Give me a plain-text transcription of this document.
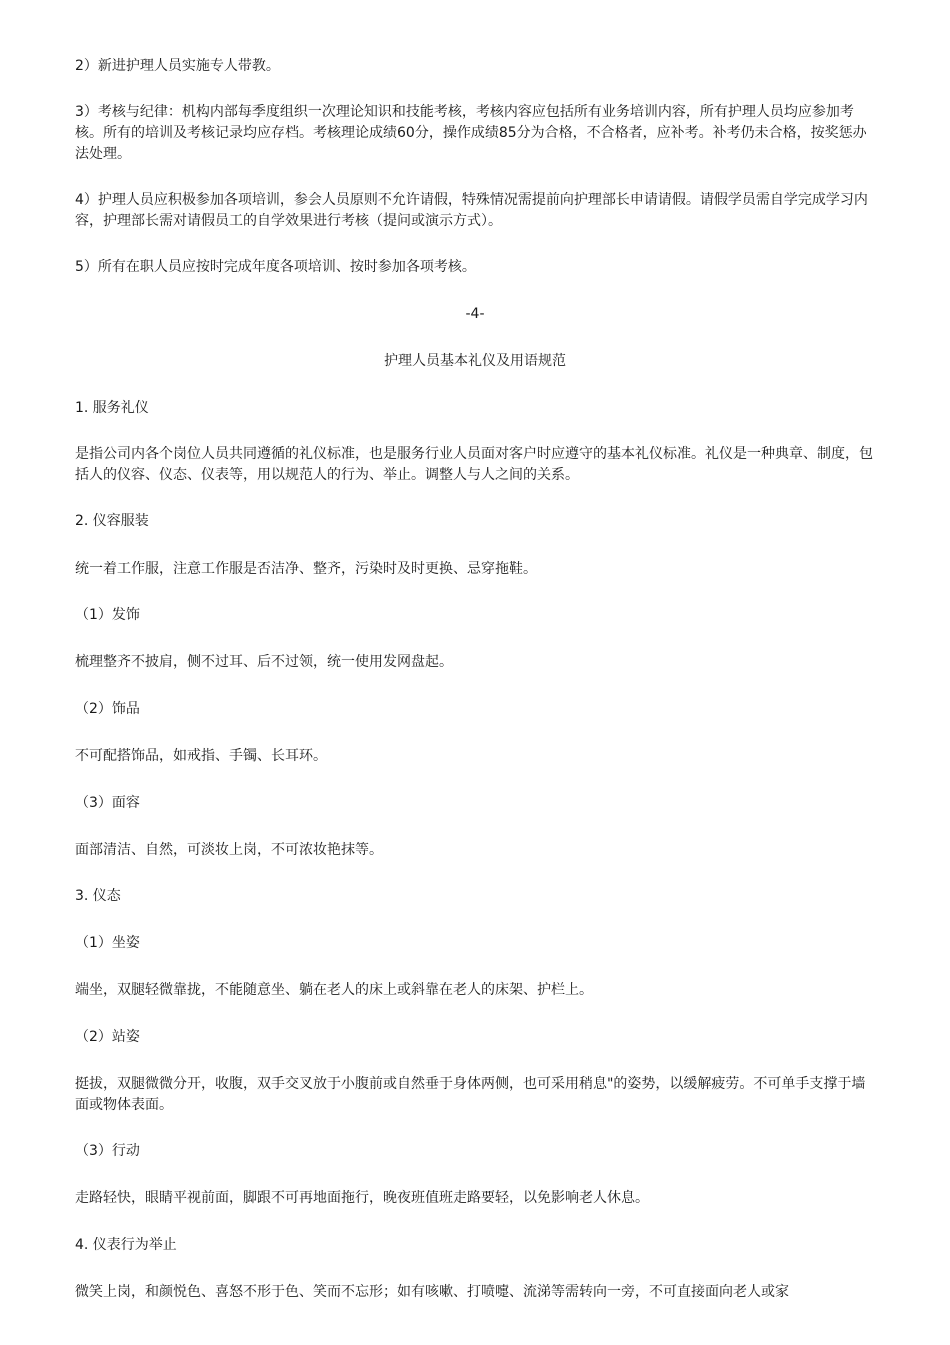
2）新进护理人员实施专人带教。

3）考核与纪律：机构内部每季度组织一次理论知识和技能考核，考核内容应包括所有业务培训内容，所有护理人员均应参加考核。所有的培训及考核记录均应存档。考核理论成绩60分，操作成绩85分为合格，不合格者，应补考。补考仍未合格，按奖惩办法处理。

4）护理人员应积极参加各项培训，参会人员原则不允许请假，特殊情况需提前向护理部长申请请假。请假学员需自学完成学习内容，护理部长需对请假员工的自学效果进行考核（提问或演示方式）。

5）所有在职人员应按时完成年度各项培训、按时参加各项考核。

-4-

护理人员基本礼仪及用语规范

1. 服务礼仪

是指公司内各个岗位人员共同遵循的礼仪标准，也是服务行业人员面对客户时应遵守的基本礼仪标准。礼仪是一种典章、制度，包括人的仪容、仪态、仪表等，用以规范人的行为、举止。调整人与人之间的关系。

2. 仪容服装

统一着工作服，注意工作服是否洁净、整齐，污染时及时更换、忌穿拖鞋。

（1）发饰

梳理整齐不披肩，侧不过耳、后不过领，统一使用发网盘起。

（2）饰品

不可配搭饰品，如戒指、手镯、长耳环。

（3）面容

面部清洁、自然，可淡妆上岗，不可浓妆艳抹等。

3. 仪态

（1）坐姿

端坐，双腿轻微靠拢，不能随意坐、躺在老人的床上或斜靠在老人的床架、护栏上。

（2）站姿

挺拔，双腿微微分开，收腹，双手交叉放于小腹前或自然垂于身体两侧，也可采用稍息"的姿势，以缓解疲劳。不可单手支撑于墙面或物体表面。

（3）行动

走路轻快，眼睛平视前面，脚跟不可再地面拖行，晚夜班值班走路要轻，以免影响老人休息。

4. 仪表行为举止

微笑上岗，和颜悦色、喜怒不形于色、笑而不忘形；如有咳嗽、打喷嚏、流涕等需转向一旁，不可直接面向老人或家
